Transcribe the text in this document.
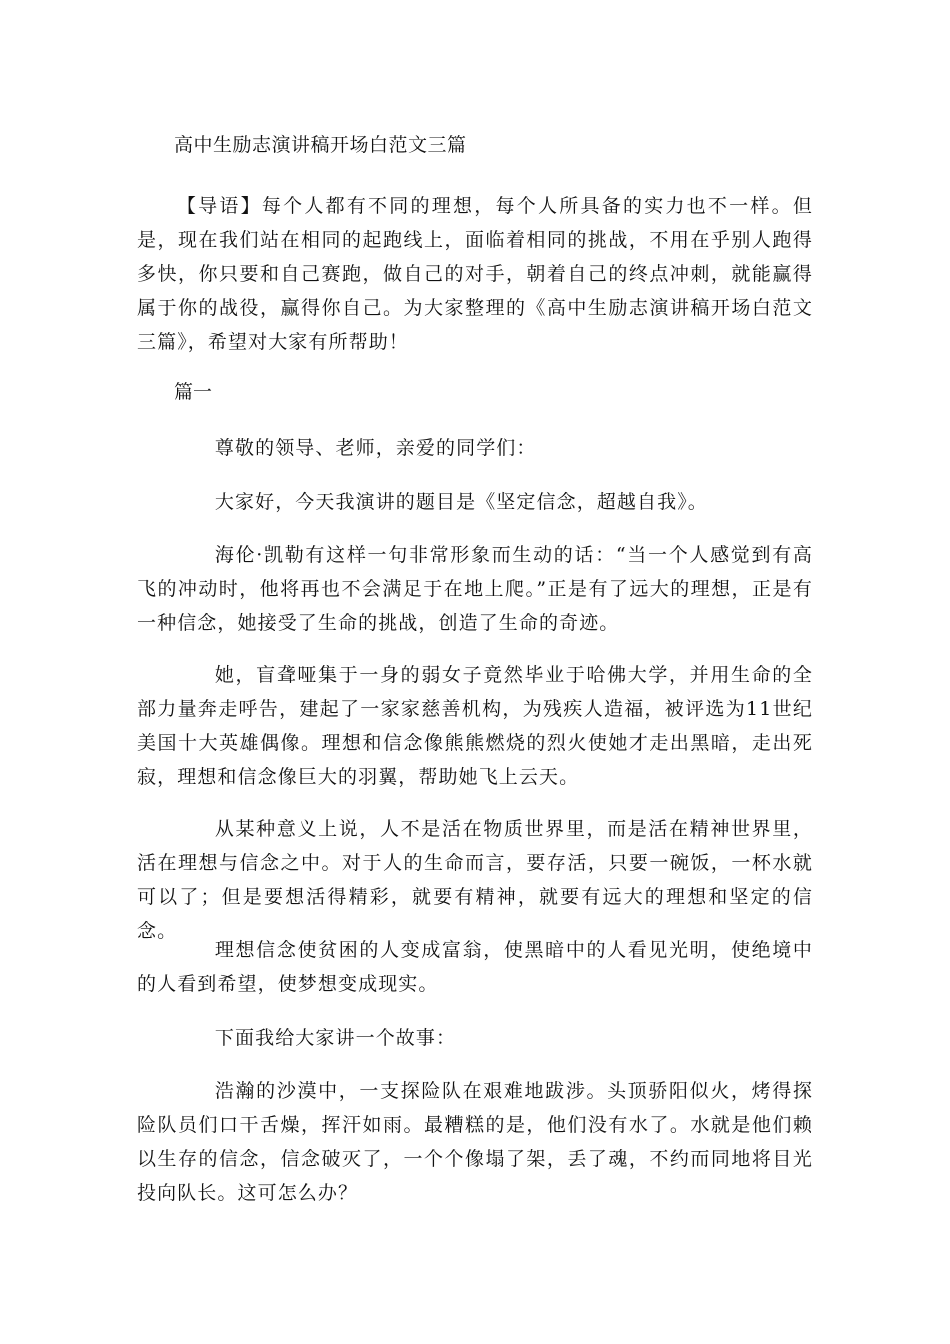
高中生励志演讲稿开场白范文三篇

【导语】每个人都有不同的理想，每个人所具备的实力也不一样。但是，现在我们站在相同的起跑线上，面临着相同的挑战，不用在乎别人跑得多快，你只要和自己赛跑，做自己的对手，朝着自己的终点冲刺，就能赢得属于你的战役，赢得你自己。为大家整理的《高中生励志演讲稿开场白范文三篇》，希望对大家有所帮助！

篇一

尊敬的领导、老师，亲爱的同学们：

大家好，今天我演讲的题目是《坚定信念，超越自我》。

海伦·凯勒有这样一句非常形象而生动的话：“当一个人感觉到有高飞的冲动时，他将再也不会满足于在地上爬。”正是有了远大的理想，正是有一种信念，她接受了生命的挑战，创造了生命的奇迹。

她，盲聋哑集于一身的弱女子竟然毕业于哈佛大学，并用生命的全部力量奔走呼告，建起了一家家慈善机构，为残疾人造福，被评选为11世纪美国十大英雄偶像。理想和信念像熊熊燃烧的烈火使她才走出黑暗，走出死寂，理想和信念像巨大的羽翼，帮助她飞上云天。

从某种意义上说，人不是活在物质世界里，而是活在精神世界里，活在理想与信念之中。对于人的生命而言，要存活，只要一碗饭，一杯水就可以了；但是要想活得精彩，就要有精神，就要有远大的理想和坚定的信念。

理想信念使贫困的人变成富翁，使黑暗中的人看见光明，使绝境中的人看到希望，使梦想变成现实。

下面我给大家讲一个故事：

浩瀚的沙漠中，一支探险队在艰难地跋涉。头顶骄阳似火，烤得探险队员们口干舌燥，挥汗如雨。最糟糕的是，他们没有水了。水就是他们赖以生存的信念，信念破灭了，一个个像塌了架，丢了魂，不约而同地将目光投向队长。这可怎么办？
